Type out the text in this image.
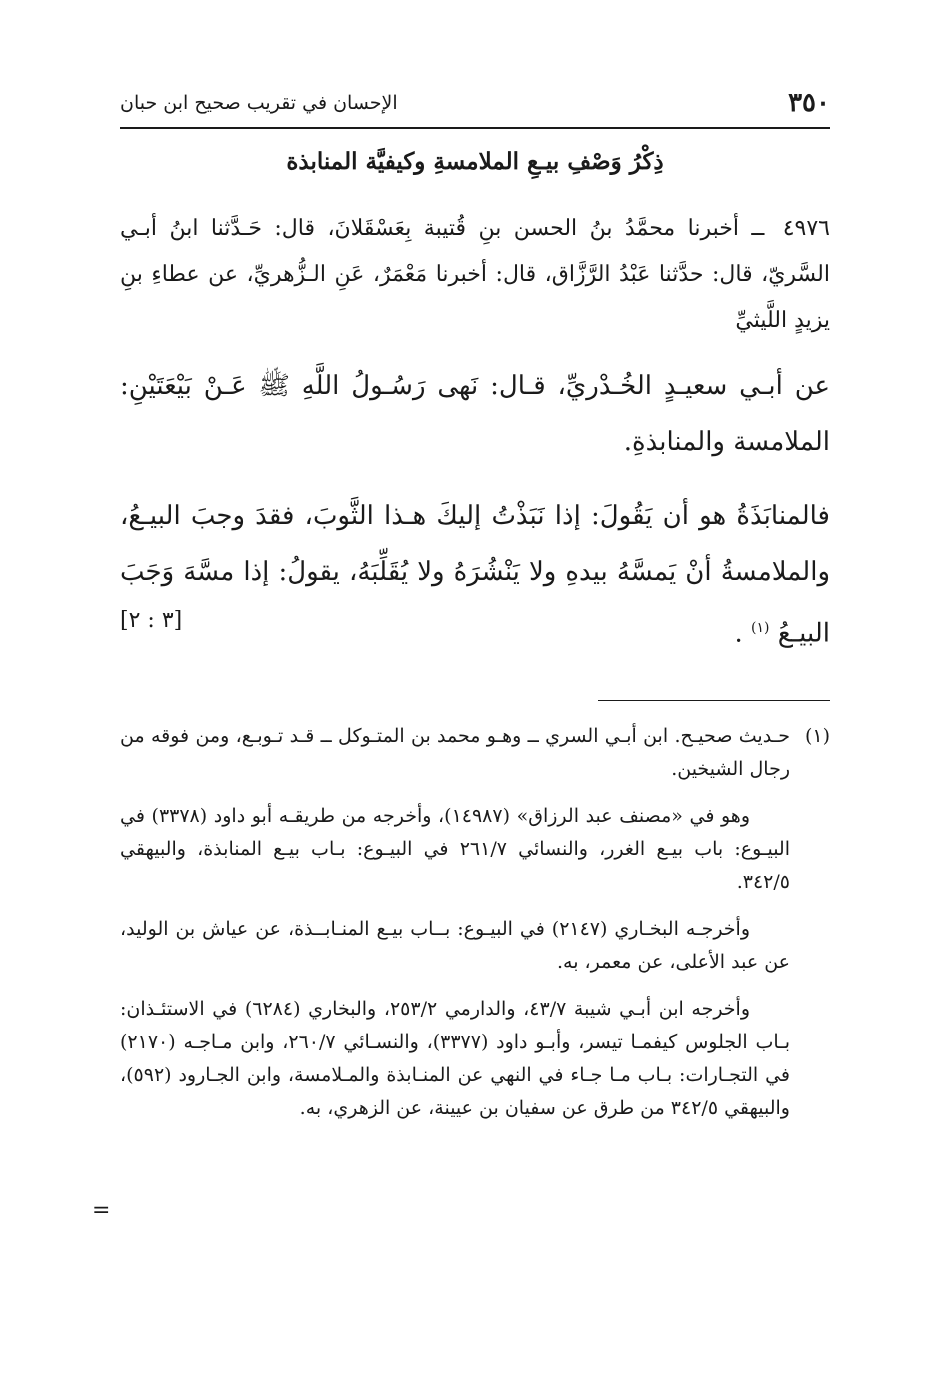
٣٥٠
الإحسان في تقريب صحيح ابن حبان
ذِكْرُ وَصْفِ بيـعِ الملامسةِ وكيفيَّة المنابذة
٤٩٧٦ ــ أخبرنا محمَّدُ بنُ الحسن بنِ قُتيبة بِعَسْقَلانَ، قال: حَـدَّثنا ابنُ أبـي السَّريّ، قال: حدَّثنا عَبْدُ الرَّزَّاق، قال: أخبرنا مَعْمَرٌ، عَنِ الـزُّهريِّ، عن عطاءِ بنِ يزيدٍ اللَّيثيِّ
عن أبـي سعيـدٍ الخُـدْريِّ، قـال: نَهى رَسُـولُ اللَّهِ ﷺ عَـنْ بَيْعَتَيْنِ: الملامسة والمنابذةِ.
فالمنابَذَةُ هو أن يَقُولَ: إذا نَبَذْتُ إليكَ هـذا الثَّوبَ، فقدَ وجبَ البيـعُ، والملامسةُ أنْ يَمسَّهُ بيدهِ ولا يَنْشُرَهُ ولا يُقَلِّبَهُ، يقولُ: إذا مسَّهَ وَجَبَ البيـعُ $^{(١)}$ .
[٣ : ٢]
(١)
حـديث صحيـح. ابن أبـي السري ــ وهـو محمد بن المتـوكل ــ قـد تـوبـع، ومن فوقه من رجال الشيخين.

وهو في «مصنف عبد الرزاق» (١٤٩٨٧)، وأخرجه من طريقـه أبو داود (٣٣٧٨) في البيـوع: باب بيـع الغرر، والنسائي ٢٦١/٧ في البيـوع: بـاب بيـع المنابذة، والبيهقي ٣٤٢/٥.

وأخرجـه البخـاري (٢١٤٧) في البيـوع: بــاب بيـع المنـابــذة، عن عياش بن الوليد، عن عبد الأعلى، عن معمر، به.

وأخرجه ابن أبـي شيبة ٤٣/٧، والدارمي ٢٥٣/٢، والبخاري (٦٢٨٤) في الاستئـذان: بـاب الجلوس كيفمـا تيسر، وأبـو داود (٣٣٧٧)، والنسـائي ٢٦٠/٧، وابن مـاجـه (٢١٧٠) في التجـارات: بـاب مـا جـاء في النهي عن المنـابذة والمـلامسة، وابن الجـارود (٥٩٢)، والبيهقي ٣٤٢/٥ من طرق عن سفيان بن عيينة، عن الزهري، به.

=
